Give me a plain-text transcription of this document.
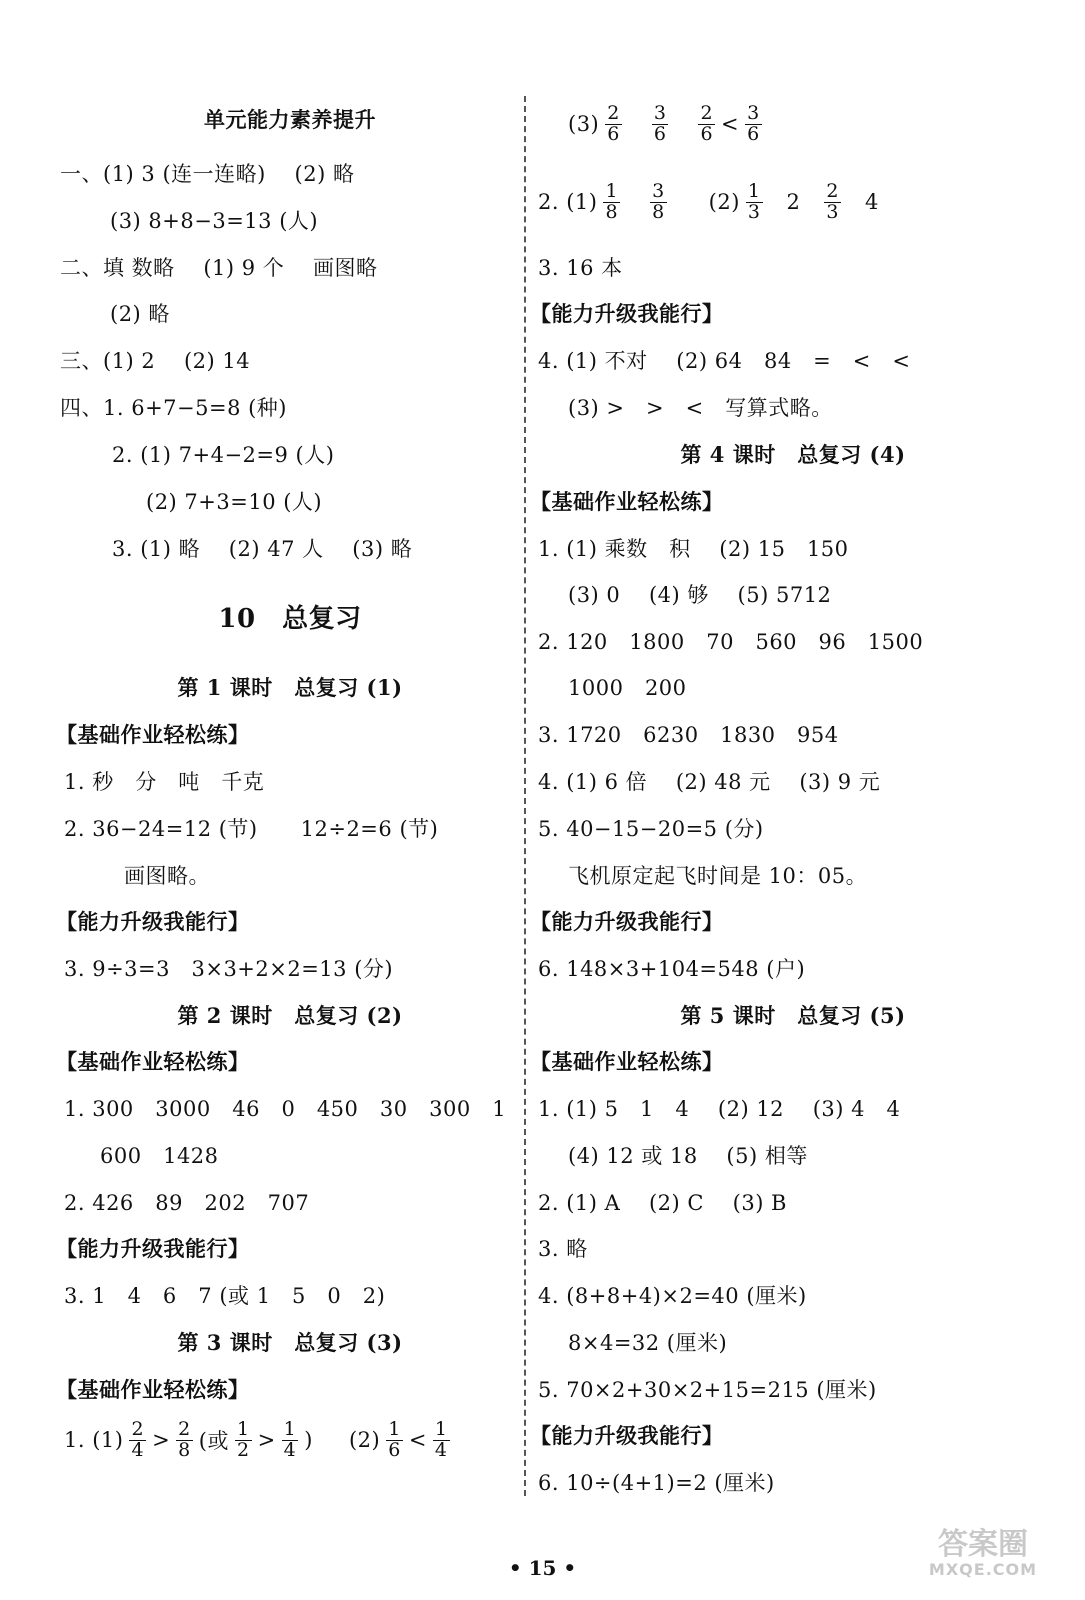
单元能力素养提升
一、(1) 3 (连一连略)　 (2) 略
(3) 8+8−3=13 (人)
二、填 数略　 (1) 9 个　 画图略
(2) 略
三、(1) 2　 (2) 14
四、1. 6+7−5=8 (种)
2. (1) 7+4−2=9 (人)
(2) 7+3=10 (人)
3. (1) 略　 (2) 47 人　 (3) 略
10　总复习
第 1 课时　总复习 (1)
【基础作业轻松练】
1. 秒　分　吨　千克
2. 36−24=12 (节)　　12÷2=6 (节)
画图略。
【能力升级我能行】
3. 9÷3=3　3×3+2×2=13 (分)
第 2 课时　总复习 (2)
【基础作业轻松练】
1. 300　3000　46　0　450　30　300　1
600　1428
2. 426　89　202　707
【能力升级我能行】
3. 1　4　6　7 (或 1　5　0　2)
第 3 课时　总复习 (3)
【基础作业轻松练】
1. $(1) \frac{2}{4} > \frac{2}{8}$ (或 $\frac{1}{2} > \frac{1}{4}$ ) $(2) \frac{1}{6} < \frac{1}{4}$
$(3) \frac{2}{6} \frac{3}{6} \frac{2}{6} < \frac{3}{6}$
2. $(1) \frac{1}{8} \frac{3}{8} (2) \frac{1}{3} 2 \frac{2}{3} 4$
3. 16 本
【能力升级我能行】
4. (1) 不对　 (2) 64　84　=　<　<
(3) >　>　<　写算式略。
第 4 课时　总复习 (4)
【基础作业轻松练】
1. (1) 乘数　积　 (2) 15　150
(3) 0　 (4) 够　 (5) 5712
2. 120　1800　70　560　96　1500
1000　200
3. 1720　6230　1830　954
4. (1) 6 倍　 (2) 48 元　 (3) 9 元
5. 40−15−20=5 (分)
飞机原定起飞时间是 10：05。
【能力升级我能行】
6. 148×3+104=548 (户)
第 5 课时　总复习 (5)
【基础作业轻松练】
1. (1) 5　1　4　 (2) 12　 (3) 4　4
(4) 12 或 18　 (5) 相等
2. (1) A　 (2) C　 (3) B
3. 略
4. (8+8+4)×2=40 (厘米)
8×4=32 (厘米)
5. 70×2+30×2+15=215 (厘米)
【能力升级我能行】
6. 10÷(4+1)=2 (厘米)
• 15 •
答案圈
MXQE.COM
